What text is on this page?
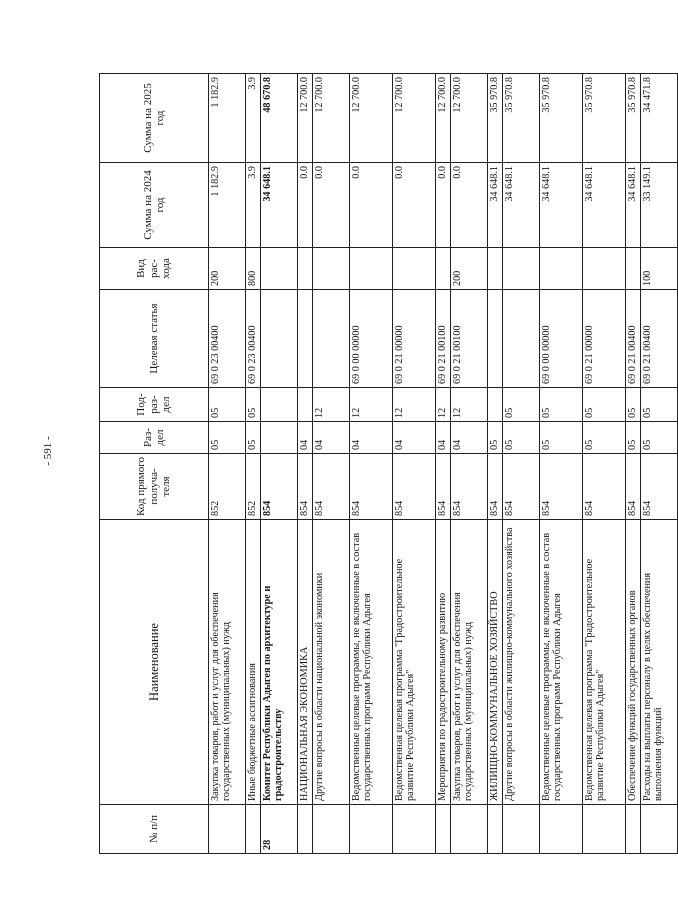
- 591 -
№ п/п	Наименование	Код прямого получа- теля	Раз- дел	Под- раз- дел	Целевая статья	Вид рас- хода	Сумма на 2024 год	Сумма на 2025 год
	Закупка товаров, работ и услуг для обеспечения государственных (муниципальных) нужд	852	05	05	69 0 23 00400	200	1 182.9	1 182.9
	Иные бюджетные ассигнования	852	05	05	69 0 23 00400	800	3.9	3.9
28	Комитет Республики Адыгея по архитектуре и градостроительству	854					34 648.1	48 670.8
	НАЦИОНАЛЬНАЯ ЭКОНОМИКА	854	04				0.0	12 700.0
	Другие вопросы в области национальной экономики	854	04	12			0.0	12 700.0
	Ведомственные целевые программы, не включенные в состав государственных программ Республики Адыгея	854	04	12	69 0 00 00000		0.0	12 700.0
	Ведомственная целевая программа "Градостроительное развитие Республики Адыгея"	854	04	12	69 0 21 00000		0.0	12 700.0
	Мероприятия по градостроительному развитию	854	04	12	69 0 21 00100		0.0	12 700.0
	Закупка товаров, работ и услуг для обеспечения государственных (муниципальных) нужд	854	04	12	69 0 21 00100	200	0.0	12 700.0
	ЖИЛИЩНО-КОММУНАЛЬНОЕ ХОЗЯЙСТВО	854	05				34 648.1	35 970.8
	Другие вопросы в области жилищно-коммунального хозяйства	854	05	05			34 648.1	35 970.8
	Ведомственные целевые программы, не включенные в состав государственных программ Республики Адыгея	854	05	05	69 0 00 00000		34 648.1	35 970.8
	Ведомственная целевая программа "Градостроительное развитие Республики Адыгея"	854	05	05	69 0 21 00000		34 648.1	35 970.8
	Обеспечение функций государственных органов	854	05	05	69 0 21 00400		34 648.1	35 970.8
	Расходы на выплаты персоналу в целях обеспечения выполнения функций	854	05	05	69 0 21 00400	100	33 149.1	34 471.8
